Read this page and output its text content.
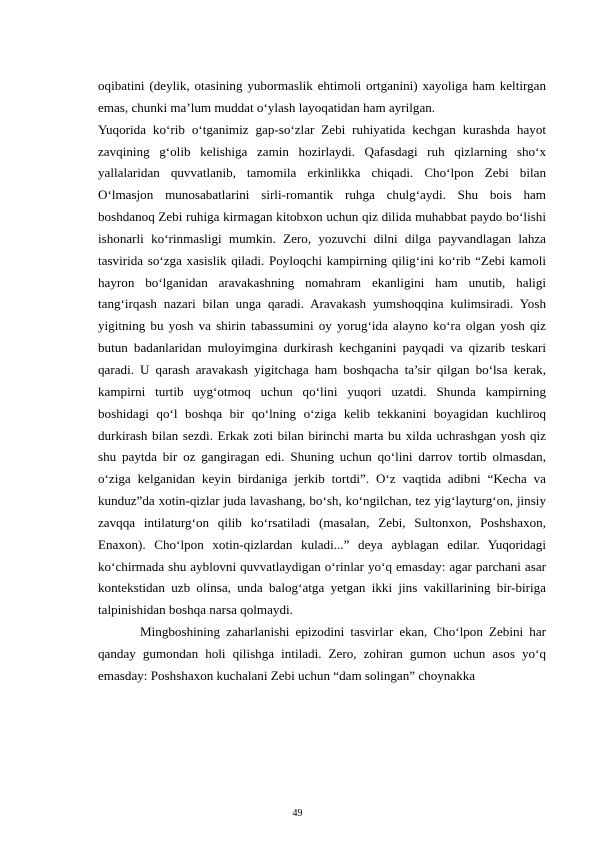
oqibatini (deylik, otasining yubormaslik ehtimoli ortganini) xayoliga ham keltirgan emas, chunki ma’lum muddat o‘ylash layoqatidan ham ayrilgan.

Yuqorida ko‘rib o‘tganimiz gap-so‘zlar Zebi ruhiyatida kechgan kurashda hayot zavqining g‘olib kelishiga zamin hozirlaydi. Qafasdagi ruh qizlarning sho‘x yallalaridan quvvatlanib, tamomila erkinlikka chiqadi. Cho‘lpon Zebi bilan O‘lmasjon munosabatlarini sirli-romantik ruhga chulg‘aydi. Shu bois ham boshdanoq Zebi ruhiga kirmagan kitobxon uchun qiz dilida muhabbat paydo bo‘lishi ishonarli ko‘rinmasligi mumkin. Zero, yozuvchi dilni dilga payvandlagan lahza tasvirida so‘zga xasislik qiladi. Poyloqchi kampirning qilig‘ini ko‘rib “Zebi kamoli hayron bo‘lganidan aravakashning nomahram ekanligini ham unutib, haligi tang‘irqash nazari bilan unga qaradi. Aravakash yumshoqqina kulimsiradi. Yosh yigitning bu yosh va shirin tabassumini oy yorug‘ida alayno ko‘ra olgan yosh qiz butun badanlaridan muloyimgina durkirash kechganini payqadi va qizarib teskari qaradi. U qarash aravakash yigitchaga ham boshqacha ta’sir qilgan bo‘lsa kerak, kampirni turtib uyg‘otmoq uchun qo‘lini yuqori uzatdi. Shunda kampirning boshidagi qo‘l boshqa bir qo‘lning o‘ziga kelib tekkanini boyagidan kuchliroq durkirash bilan sezdi. Erkak zoti bilan birinchi marta bu xilda uchrashgan yosh qiz shu paytda bir oz gangiragan edi. Shuning uchun qo‘lini darrov tortib olmasdan, o‘ziga kelganidan keyin birdaniga jerkib tortdi”. O‘z vaqtida adibni “Kecha va kunduz”da xotin-qizlar juda lavashang, bo‘sh, ko‘ngilchan, tez yig‘layturg‘on, jinsiy zavqqa intilaturg‘on qilib ko‘rsatiladi (masalan, Zebi, Sultonxon, Poshshaxon, Enaxon). Cho‘lpon xotin-qizlardan kuladi...” deya ayblagan edilar. Yuqoridagi ko‘chirmada shu ayblovni quvvatlaydigan o‘rinlar yo‘q emasday: agar parchani asar kontekstidan uzb olinsa, unda balog‘atga yetgan ikki jins vakillarining bir-biriga talpinishidan boshqa narsa qolmaydi.

Mingboshining zaharlanishi epizodini tasvirlar ekan, Cho‘lpon Zebini har qanday gumondan holi qilishga intiladi. Zero, zohiran gumon uchun asos yo‘q emasday: Poshshaxon kuchalani Zebi uchun “dam solingan” choynakka

49
